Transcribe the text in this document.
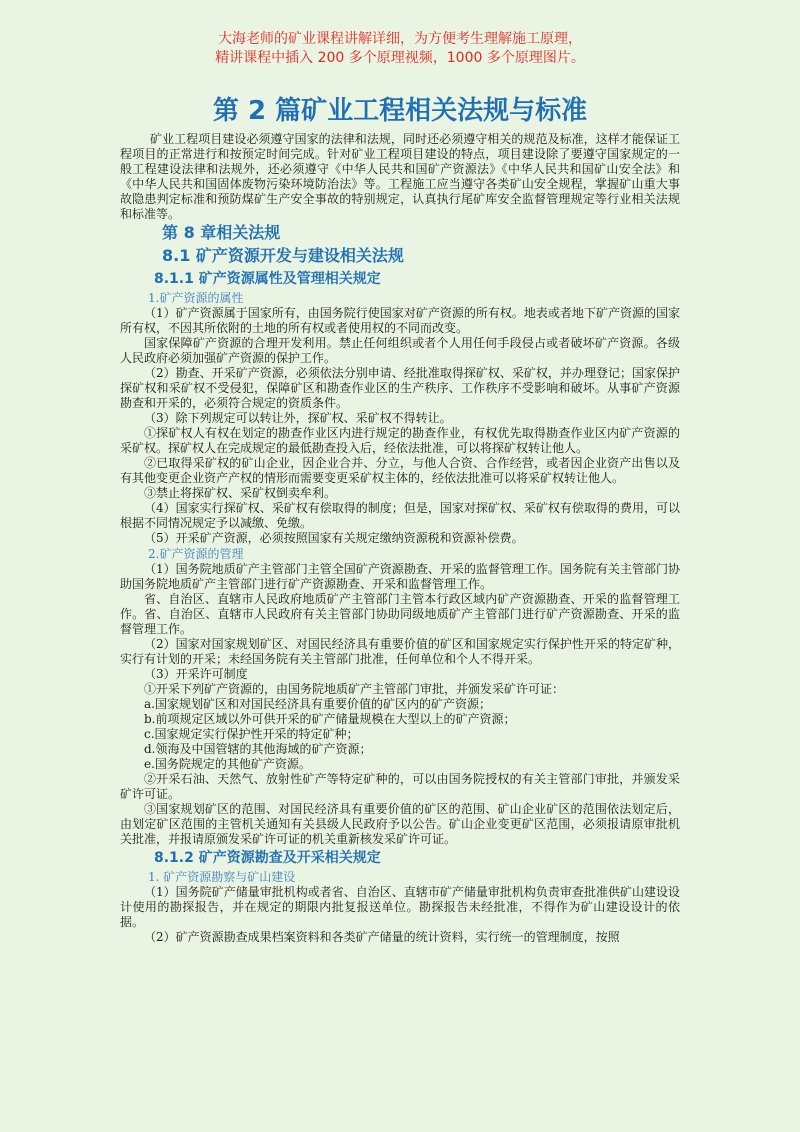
大海老师的矿业课程讲解详细，为方便考生理解施工原理，
精讲课程中插入 200 多个原理视频，1000 多个原理图片。
第 2 篇矿业工程相关法规与标准

矿业工程项目建设必须遵守国家的法律和法规，同时还必须遵守相关的规范及标准，这样才能保证工程项目的正常进行和按预定时间完成。针对矿业工程项目建设的特点，项目建设除了要遵守国家规定的一般工程建设法律和法规外，还必须遵守《中华人民共和国矿产资源法》《中华人民共和国矿山安全法》和《中华人民共和国固体废物污染环境防治法》等。工程施工应当遵守各类矿山安全规程，掌握矿山重大事故隐患判定标准和预防煤矿生产安全事故的特别规定，认真执行尾矿库安全监督管理规定等行业相关法规和标准等。

第 8 章相关法规
8.1 矿产资源开发与建设相关法规
8.1.1 矿产资源属性及管理相关规定
1.矿产资源的属性

（1）矿产资源属于国家所有，由国务院行使国家对矿产资源的所有权。地表或者地下矿产资源的国家所有权，不因其所依附的土地的所有权或者使用权的不同而改变。

国家保障矿产资源的合理开发利用。禁止任何组织或者个人用任何手段侵占或者破坏矿产资源。各级人民政府必须加强矿产资源的保护工作。

（2）勘查、开采矿产资源，必须依法分别申请、经批准取得探矿权、采矿权，并办理登记；国家保护探矿权和采矿权不受侵犯，保障矿区和勘查作业区的生产秩序、工作秩序不受影响和破坏。从事矿产资源勘查和开采的，必须符合规定的资质条件。

（3）除下列规定可以转让外，探矿权、采矿权不得转让。

①探矿权人有权在划定的勘查作业区内进行规定的勘查作业，有权优先取得勘查作业区内矿产资源的采矿权。探矿权人在完成规定的最低勘查投入后，经依法批准，可以将探矿权转让他人。

②已取得采矿权的矿山企业，因企业合并、分立，与他人合资、合作经营，或者因企业资产出售以及有其他变更企业资产产权的情形而需要变更采矿权主体的，经依法批准可以将采矿权转让他人。

③禁止将探矿权、采矿权倒卖牟利。

（4）国家实行探矿权、采矿权有偿取得的制度；但是，国家对探矿权、采矿权有偿取得的费用，可以根据不同情况规定予以减缴、免缴。

（5）开采矿产资源，必须按照国家有关规定缴纳资源税和资源补偿费。

2.矿产资源的管理

（1）国务院地质矿产主管部门主管全国矿产资源勘查、开采的监督管理工作。国务院有关主管部门协助国务院地质矿产主管部门进行矿产资源勘查、开采和监督管理工作。

省、自治区、直辖市人民政府地质矿产主管部门主管本行政区域内矿产资源勘查、开采的监督管理工作。省、自治区、直辖市人民政府有关主管部门协助同级地质矿产主管部门进行矿产资源勘查、开采的监督管理工作。

（2）国家对国家规划矿区、对国民经济具有重要价值的矿区和国家规定实行保护性开采的特定矿种，实行有计划的开采；未经国务院有关主管部门批准，任何单位和个人不得开采。

（3）开采许可制度

①开采下列矿产资源的，由国务院地质矿产主管部门审批，并颁发采矿许可证：

a.国家规划矿区和对国民经济具有重要价值的矿区内的矿产资源；

b.前项规定区域以外可供开采的矿产储量规模在大型以上的矿产资源；

c.国家规定实行保护性开采的特定矿种；

d.领海及中国管辖的其他海域的矿产资源；

e.国务院规定的其他矿产资源。

②开采石油、天然气、放射性矿产等特定矿种的，可以由国务院授权的有关主管部门审批，并颁发采矿许可证。

③国家规划矿区的范围、对国民经济具有重要价值的矿区的范围、矿山企业矿区的范围依法划定后，由划定矿区范围的主管机关通知有关县级人民政府予以公告。矿山企业变更矿区范围，必须报请原审批机关批准，并报请原颁发采矿许可证的机关重新核发采矿许可证。

8.1.2 矿产资源勘查及开采相关规定
1. 矿产资源勘察与矿山建设

（1）国务院矿产储量审批机构或者省、自治区、直辖市矿产储量审批机构负责审查批准供矿山建设设计使用的勘探报告，并在规定的期限内批复报送单位。勘探报告未经批准，不得作为矿山建设设计的依据。

（2）矿产资源勘查成果档案资料和各类矿产储量的统计资料，实行统一的管理制度，按照
